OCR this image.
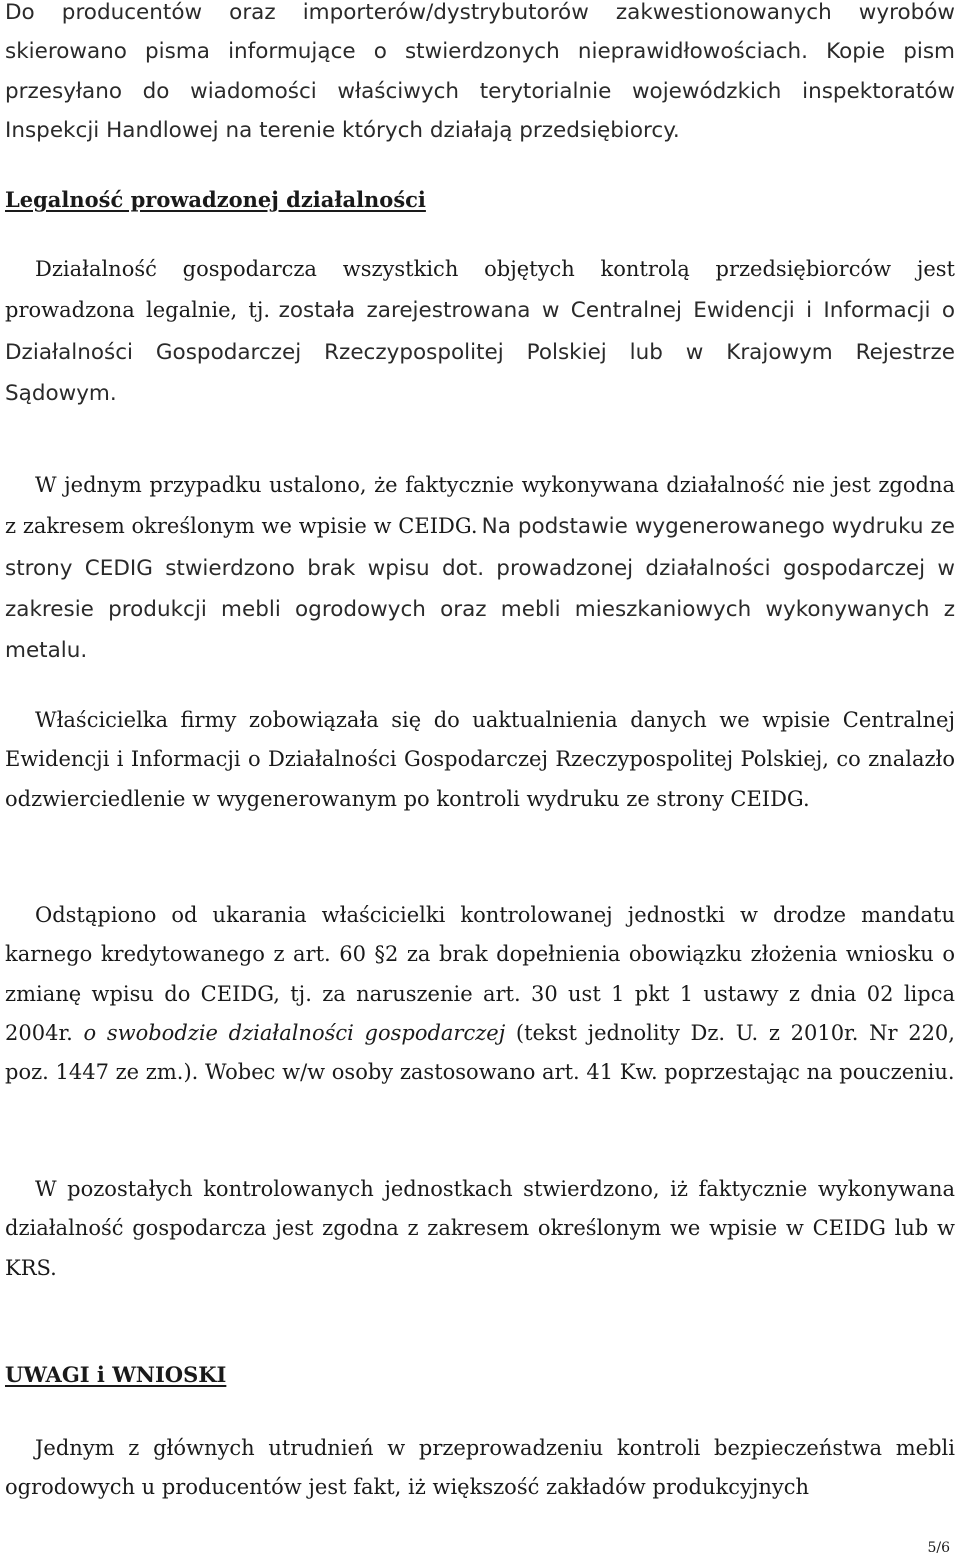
Do producentów oraz importerów/dystrybutorów zakwestionowanych wyrobów skierowano pisma informujące o stwierdzonych nieprawidłowościach. Kopie pism przesyłano do wiadomości właściwych terytorialnie wojewódzkich inspektoratów Inspekcji Handlowej na terenie których działają przedsiębiorcy.

Legalność prowadzonej działalności

Działalność gospodarcza wszystkich objętych kontrolą przedsiębiorców jest prowadzona legalnie, tj. została zarejestrowana w Centralnej Ewidencji i Informacji o Działalności Gospodarczej Rzeczypospolitej Polskiej lub w Krajowym Rejestrze Sądowym.

W jednym przypadku ustalono, że faktycznie wykonywana działalność nie jest zgodna z zakresem określonym we wpisie w CEIDG. Na podstawie wygenerowanego wydruku ze strony CEDIG stwierdzono brak wpisu dot. prowadzonej działalności gospodarczej w zakresie produkcji mebli ogrodowych oraz mebli mieszkaniowych wykonywanych z metalu.

Właścicielka firmy zobowiązała się do uaktualnienia danych we wpisie Centralnej Ewidencji i Informacji o Działalności Gospodarczej Rzeczypospolitej Polskiej, co znalazło odzwierciedlenie w wygenerowanym po kontroli wydruku ze strony CEIDG.

Odstąpiono od ukarania właścicielki kontrolowanej jednostki w drodze mandatu karnego kredytowanego z art. 60 §2 za brak dopełnienia obowiązku złożenia wniosku o zmianę wpisu do CEIDG, tj. za naruszenie art. 30 ust 1 pkt 1 ustawy z dnia 02 lipca 2004r. o swobodzie działalności gospodarczej (tekst jednolity Dz. U. z 2010r. Nr 220, poz. 1447 ze zm.). Wobec w/w osoby zastosowano art. 41 Kw. poprzestając na pouczeniu.

W pozostałych kontrolowanych jednostkach stwierdzono, iż faktycznie wykonywana działalność gospodarcza jest zgodna z zakresem określonym we wpisie w CEIDG lub w KRS.

UWAGI i WNIOSKI

Jednym z głównych utrudnień w przeprowadzeniu kontroli bezpieczeństwa mebli ogrodowych u producentów jest fakt, iż większość zakładów produkcyjnych

5/6
